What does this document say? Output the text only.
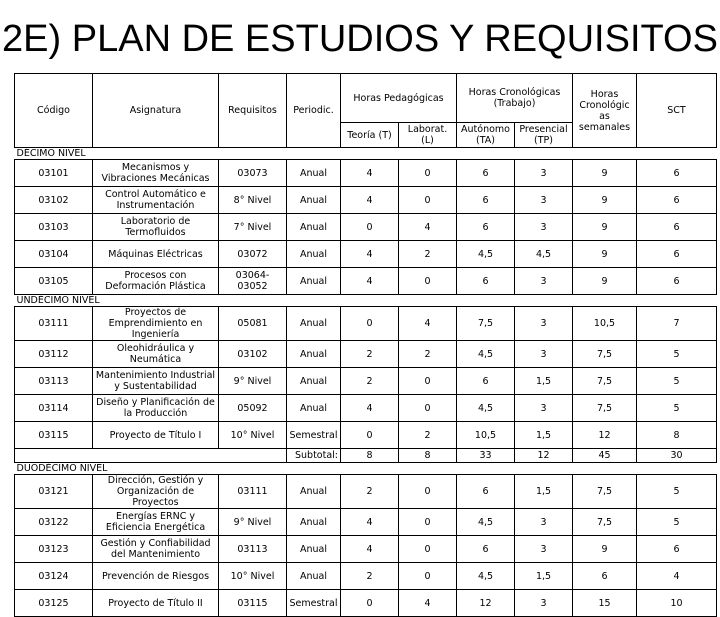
2E) PLAN DE ESTUDIOS Y REQUISITOS
Código	Asignatura	Requisitos	Periodic.	Horas Pedagógicas		Horas Cronológicas (Trabajo)		Horas Cronológic as semanales	SCT
				Teoría (T)	Laborat. (L)	Autónomo (TA)	Presencial (TP)		
DÉCIMO NIVEL									
03101	Mecanismos y Vibraciones Mecánicas	03073	Anual	4	0	6	3	9	6
03102	Control Automático e Instrumentación	8° Nivel	Anual	4	0	6	3	9	6
03103	Laboratorio de Termofluidos	7° Nivel	Anual	0	4	6	3	9	6
03104	Máquinas Eléctricas	03072	Anual	4	2	4,5	4,5	9	6
03105	Procesos con Deformación Plástica	03064-03052	Anual	4	0	6	3	9	6
UNDÉCIMO NIVEL									
03111	Proyectos de Emprendimiento en Ingeniería	05081	Anual	0	4	7,5	3	10,5	7
03112	Oleohidráulica y Neumática	03102	Anual	2	2	4,5	3	7,5	5
03113	Mantenimiento Industrial y Sustentabilidad	9° Nivel	Anual	2	0	6	1,5	7,5	5
03114	Diseño y Planificación de la Producción	05092	Anual	4	0	4,5	3	7,5	5
03115	Proyecto de Título I	10° Nivel	Semestral	0	2	10,5	1,5	12	8
			Subtotal:	8	8	33	12	45	30
DUODÉCIMO NIVEL									
03121	Dirección, Gestión y Organización de Proyectos	03111	Anual	2	0	6	1,5	7,5	5
03122	Energías ERNC y Eficiencia Energética	9° Nivel	Anual	4	0	4,5	3	7,5	5
03123	Gestión y Confiabilidad del Mantenimiento	03113	Anual	4	0	6	3	9	6
03124	Prevención de Riesgos	10° Nivel	Anual	2	0	4,5	1,5	6	4
03125	Proyecto de Título II	03115	Semestral	0	4	12	3	15	10
